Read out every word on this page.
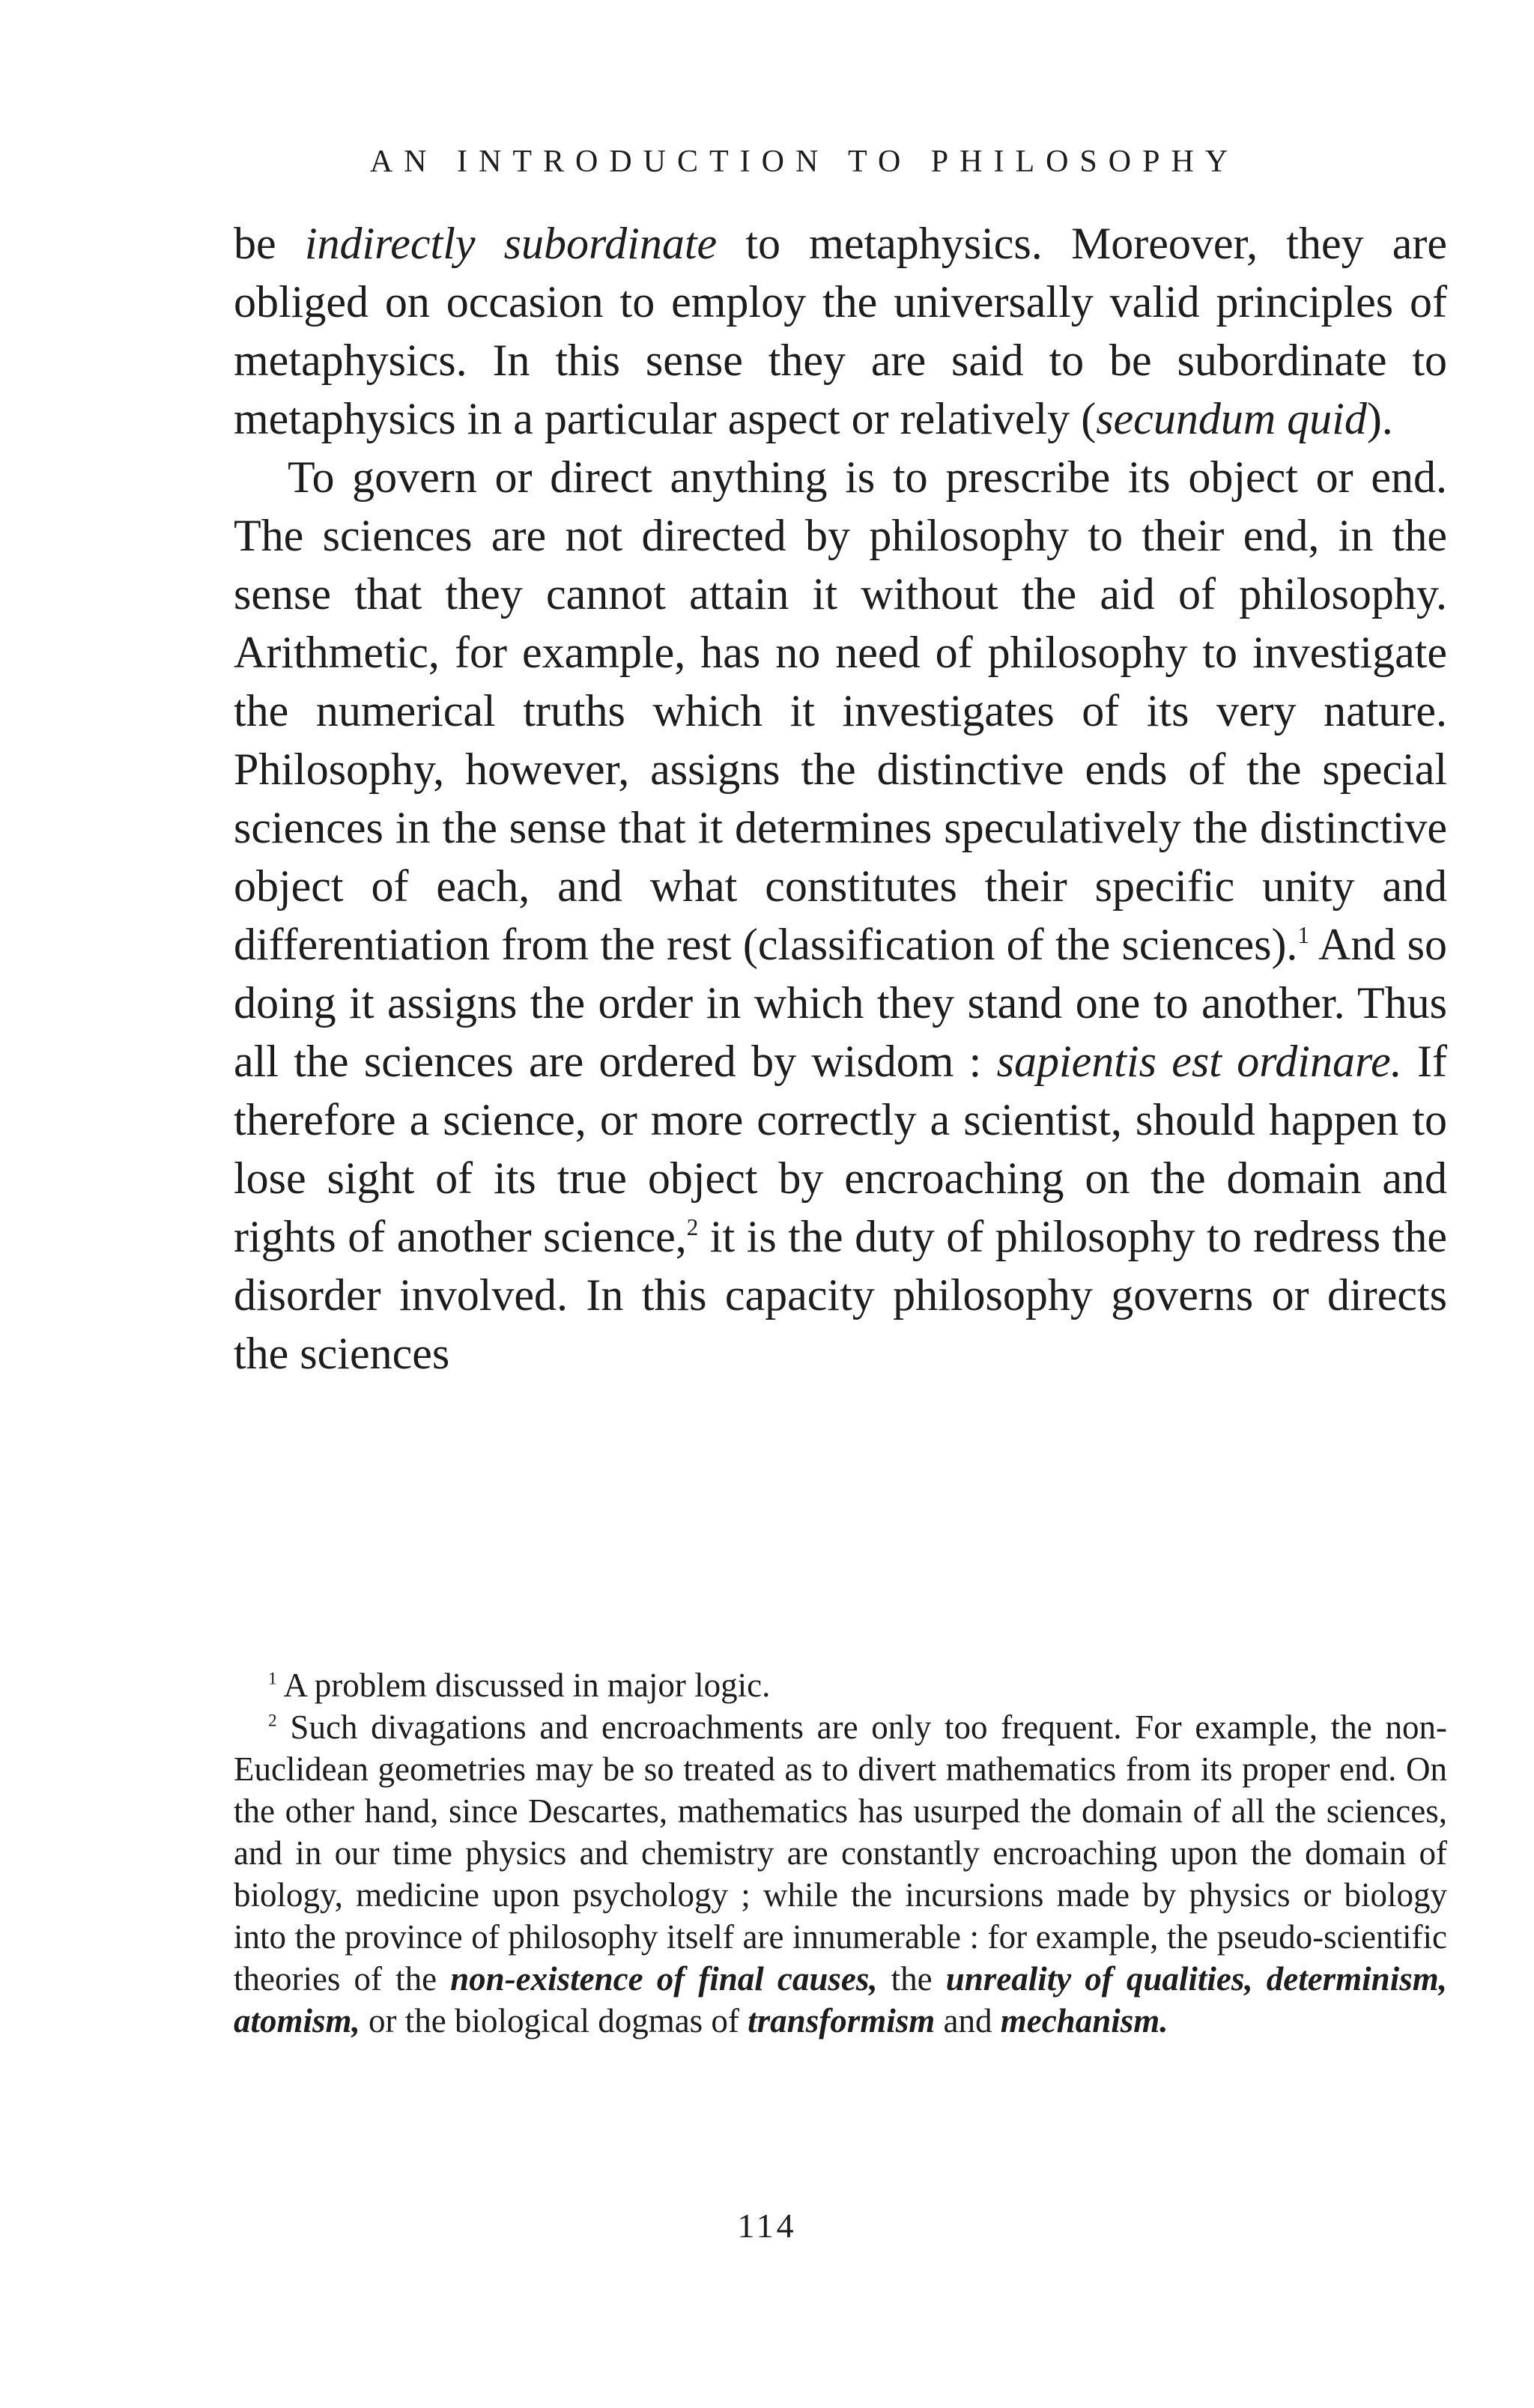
AN INTRODUCTION TO PHILOSOPHY

be indirectly subordinate to metaphysics. Moreover, they are obliged on occasion to employ the universally valid principles of metaphysics. In this sense they are said to be subordinate to metaphysics in a particular aspect or relatively (secundum quid).

To govern or direct anything is to prescribe its object or end. The sciences are not directed by philosophy to their end, in the sense that they cannot attain it without the aid of philosophy. Arithmetic, for example, has no need of philosophy to investigate the numerical truths which it investigates of its very nature. Philosophy, however, assigns the distinctive ends of the special sciences in the sense that it determines speculatively the distinctive object of each, and what constitutes their specific unity and differentiation from the rest (classification of the sciences).$^1$ And so doing it assigns the order in which they stand one to another. Thus all the sciences are ordered by wisdom : sapientis est ordinare. If therefore a science, or more correctly a scientist, should happen to lose sight of its true object by encroaching on the domain and rights of another science,$^2$ it is the duty of philosophy to redress the disorder involved. In this capacity philosophy governs or directs the sciences

$^1$ A problem discussed in major logic.

$^2$ Such divagations and encroachments are only too frequent. For example, the non-Euclidean geometries may be so treated as to divert mathematics from its proper end. On the other hand, since Descartes, mathematics has usurped the domain of all the sciences, and in our time physics and chemistry are constantly encroaching upon the domain of biology, medicine upon psychology ; while the incursions made by physics or biology into the province of philosophy itself are innumerable : for example, the pseudo-scientific theories of the non-existence of final causes, the unreality of qualities, determinism, atomism, or the biological dogmas of transformism and mechanism.

114
